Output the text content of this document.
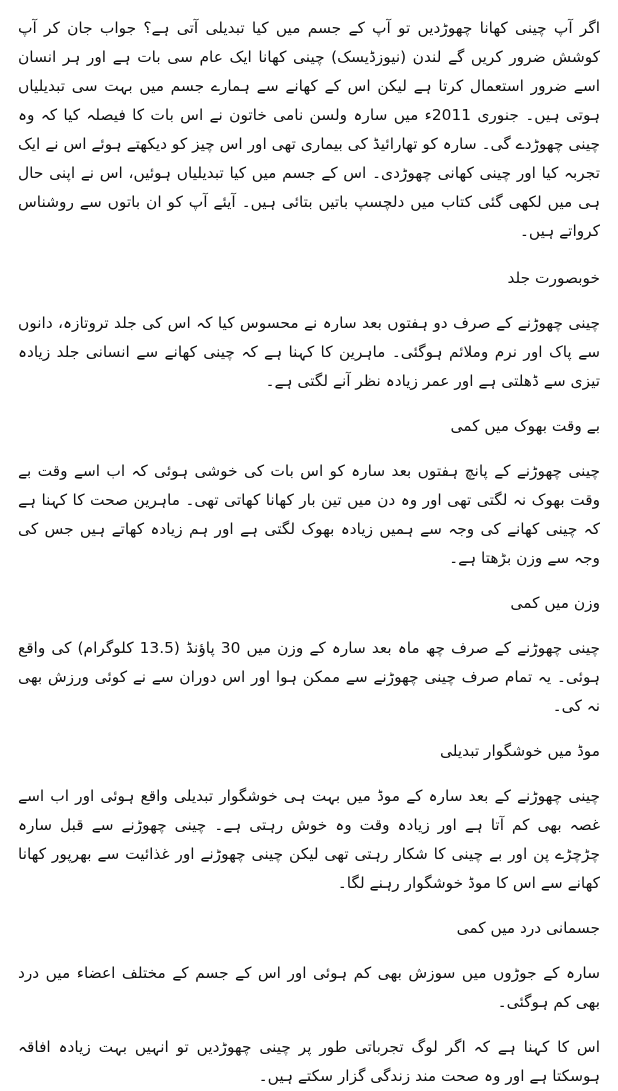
اگر آپ چینی کھانا چھوڑدیں تو آپ کے جسم میں کیا تبدیلی آتی ہے؟ جواب جان کر آپ کوشش ضرور کریں گے لندن (نیوزڈیسک) چینی کھانا ایک عام سی بات ہے اور ہر انسان اسے ضرور استعمال کرتا ہے لیکن اس کے کھانے سے ہمارے جسم میں بہت سی تبدیلیاں ہوتی ہیں۔ جنوری 2011ء میں سارہ ولسن نامی خاتون نے اس بات کا فیصلہ کیا کہ وہ چینی چھوڑدے گی۔ سارہ کو تھارائیڈ کی بیماری تھی اور اس چیز کو دیکھتے ہوئے اس نے ایک تجربہ کیا اور چینی کھانی چھوڑدی۔ اس کے جسم میں کیا تبدیلیاں ہوئیں، اس نے اپنی حال ہی میں لکھی گئی کتاب میں دلچسپ باتیں بتائی ہیں۔ آیئے آپ کو ان باتوں سے روشناس کرواتے ہیں۔

خوبصورت جلد

چینی چھوڑنے کے صرف دو ہفتوں بعد سارہ نے محسوس کیا کہ اس کی جلد تروتازہ، دانوں سے پاک اور نرم وملائم ہوگئی۔ ماہرین کا کہنا ہے کہ چینی کھانے سے انسانی جلد زیادہ تیزی سے ڈھلتی ہے اور عمر زیادہ نظر آنے لگتی ہے۔

بے وقت بھوک میں کمی

چینی چھوڑنے کے پانچ ہفتوں بعد سارہ کو اس بات کی خوشی ہوئی کہ اب اسے وقت بے وقت بھوک نہ لگتی تھی اور وہ دن میں تین بار کھانا کھاتی تھی۔ ماہرین صحت کا کہنا ہے کہ چینی کھانے کی وجہ سے ہمیں زیادہ بھوک لگتی ہے اور ہم زیادہ کھاتے ہیں جس کی وجہ سے وزن بڑھتا ہے۔

وزن میں کمی

چینی چھوڑنے کے صرف چھ ماہ بعد سارہ کے وزن میں 30 پاؤنڈ (13.5 کلوگرام) کی واقع ہوئی۔ یہ تمام صرف چینی چھوڑنے سے ممکن ہوا اور اس دوران سے نے کوئی ورزش بھی نہ کی۔

موڈ میں خوشگوار تبدیلی

چینی چھوڑنے کے بعد سارہ کے موڈ میں بہت ہی خوشگوار تبدیلی واقع ہوئی اور اب اسے غصہ بھی کم آتا ہے اور زیادہ وقت وہ خوش رہتی ہے۔ چینی چھوڑنے سے قبل سارہ چڑچڑے پن اور بے چینی کا شکار رہتی تھی لیکن چینی چھوڑنے اور غذائیت سے بھرپور کھانا کھانے سے اس کا موڈ خوشگوار رہنے لگا۔

جسمانی درد میں کمی

سارہ کے جوڑوں میں سوزش بھی کم ہوئی اور اس کے جسم کے مختلف اعضاء میں درد بھی کم ہوگئی۔

اس کا کہنا ہے کہ اگر لوگ تجرباتی طور پر چینی چھوڑدیں تو انہیں بہت زیادہ افاقہ ہوسکتا ہے اور وہ صحت مند زندگی گزار سکتے ہیں۔
